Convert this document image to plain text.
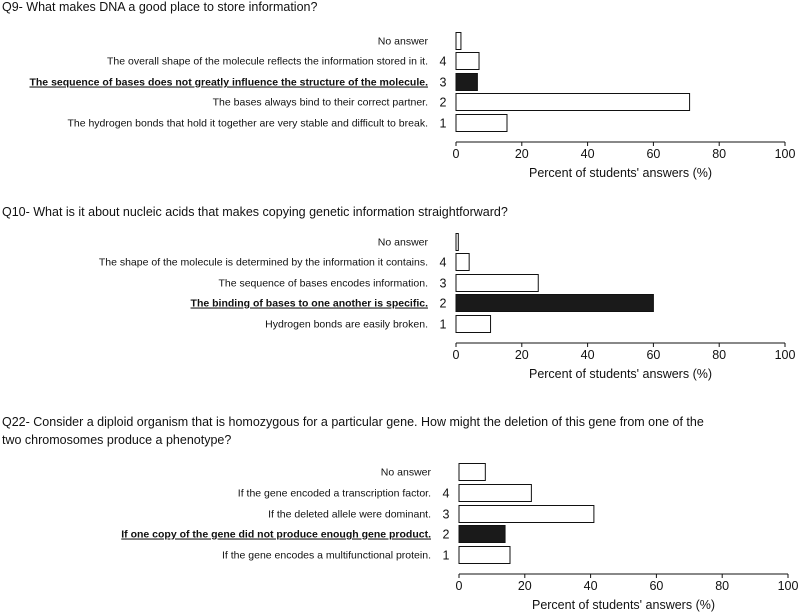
Q9- What makes DNA a good place to store information?
No answer
4
The overall shape of the molecule reflects the information stored in it.
3
The sequence of bases does not greatly influence the structure of the molecule.
2
The bases always bind to their correct partner.
1
The hydrogen bonds that hold it together are very stable and difficult to break.
0	20	40	60	80	100
Percent of students' answers (%)
Q10- What is it about nucleic acids that makes copying genetic information straightforward?
No answer
4
The shape of the molecule is determined by the information it contains.
3
The sequence of bases encodes information.
2
The binding of bases to one another is specific.
1
Hydrogen bonds are easily broken.
0	20	40	60	80	100
Percent of students' answers (%)
Q22- Consider a diploid organism that is homozygous for a particular gene. How might the deletion of this gene from one of the
two chromosomes produce a phenotype?
No answer
4
If the gene encoded a transcription factor.
3
If the deleted allele were dominant.
2
If one copy of the gene did not produce enough gene product.
1
If the gene encodes a multifunctional protein.
0	20	40	60	80	100
Percent of students' answers (%)
